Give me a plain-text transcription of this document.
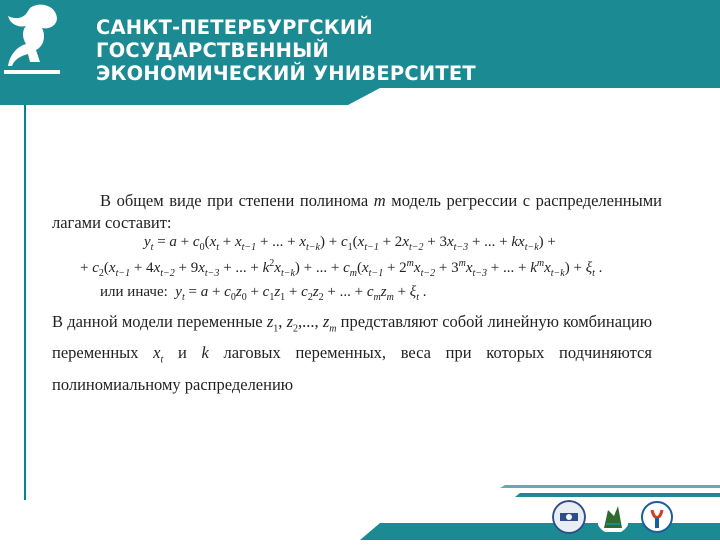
САНКТ-ПЕТЕРБУРГСКИЙ
ГОСУДАРСТВЕННЫЙ
ЭКОНОМИЧЕСКИЙ УНИВЕРСИТЕТ
В общем виде при степени полинома m модель регрессии с распределенными лагами составит:
$y_t = a + c_0(x_t + x_{t-1}$ + ... + $x_{t-k}) + c_1(x_{t-1} + 2x_{t-2} + 3x_{t-3}$ + ... + $kx_{t-k}$) +
+ $c_2(x_{t-1} + 4x_{t-2} + 9x_{t-3}$ + ... + $k^2x_{t-k}$) + ... + $c_m(x_{t-1} + 2^mx_{t-2} + 3^mx_{t-3}$ + ... + $k^mx_{t-k}) + \xi_t$ .
или иначе: $y_t = a + c_0z_0 + c_1z_1 + c_2z_2$ + ... + $c_mz_m + \xi_t$ .
В данной модели переменные $z_1$, $z_2$,..., $z_m$ представляют собой линейную комбинацию переменных $x_t$ и k лаговых переменных, веса при которых подчиняются полиномиальному распределению
